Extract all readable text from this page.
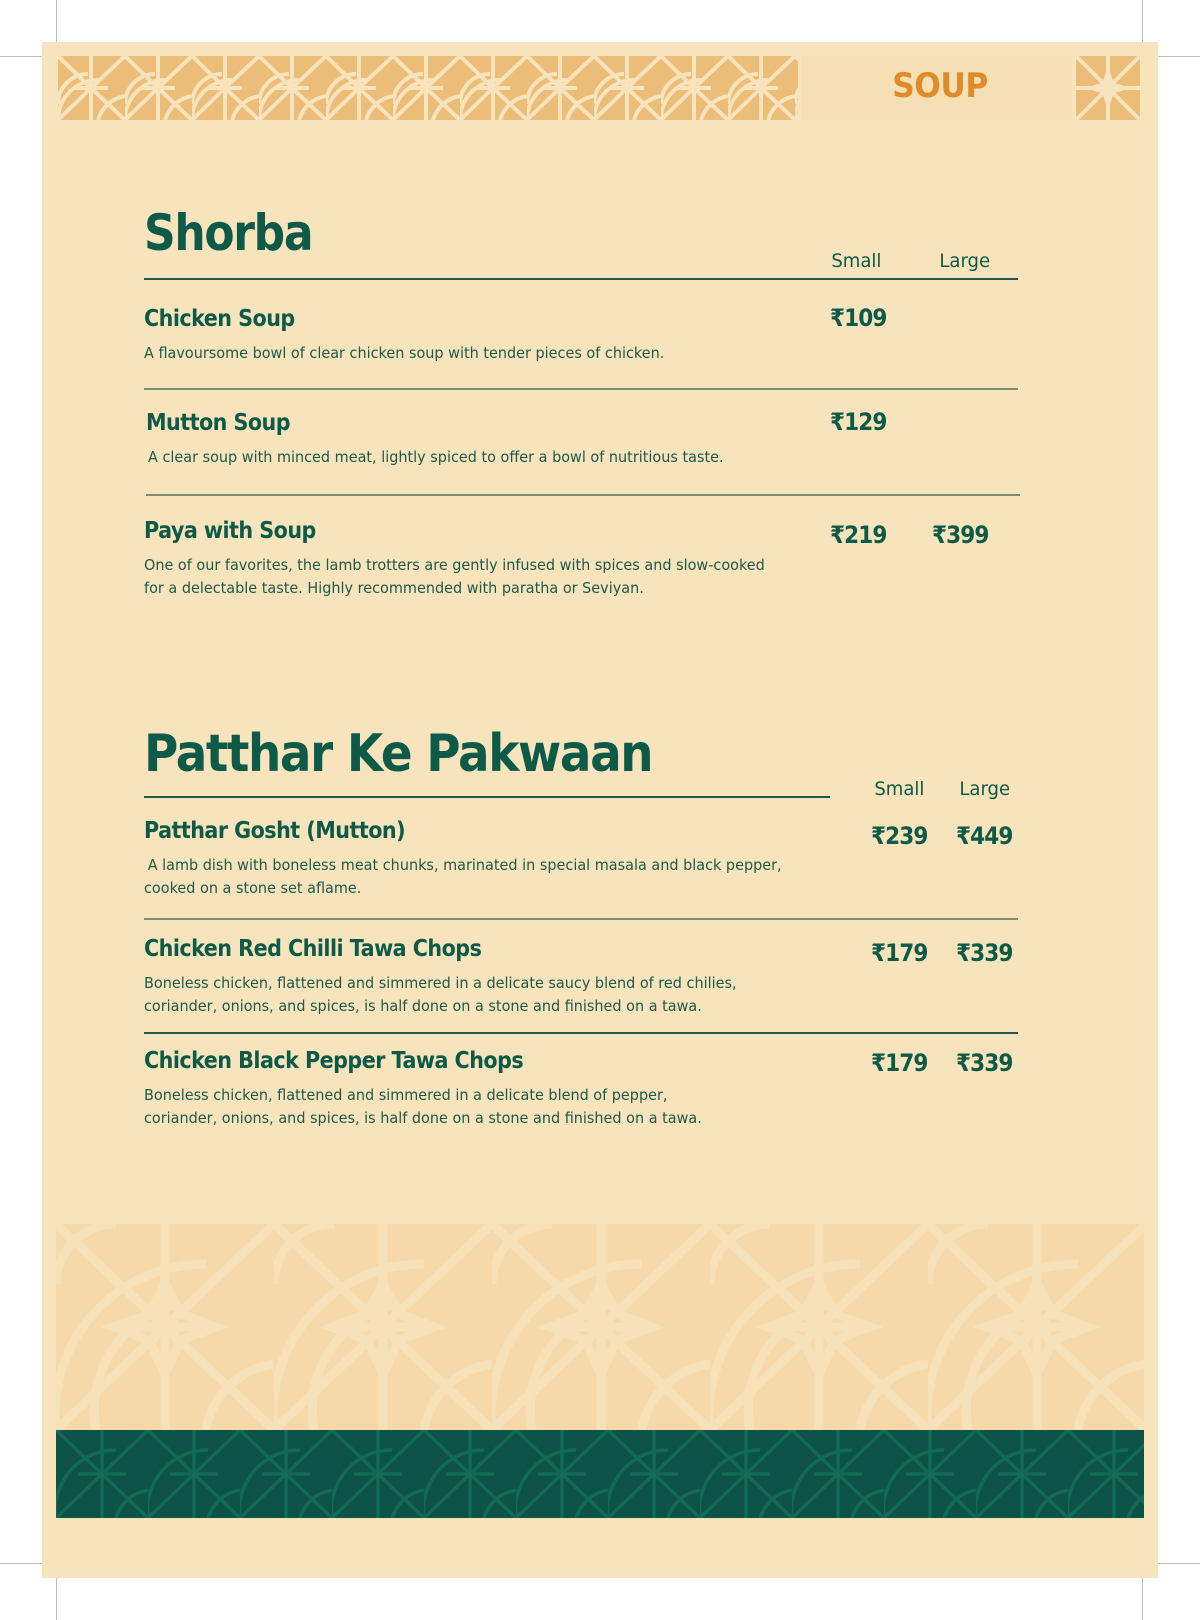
SOUP
Shorba	Small	Large
Chicken Soup
A flavoursome bowl of clear chicken soup with tender pieces of chicken.
₹109
Mutton Soup
A clear soup with minced meat, lightly spiced to offer a bowl of nutritious taste.
₹129
Paya with Soup
One of our favorites, the lamb trotters are gently infused with spices and slow-cooked
for a delectable taste. Highly recommended with paratha or Seviyan.
₹219 ₹399
Patthar Ke Pakwaan
Small Large
Patthar Gosht (Mutton)
A lamb dish with boneless meat chunks, marinated in special masala and black pepper,
cooked on a stone set aflame.
₹239 ₹449
Chicken Red Chilli Tawa Chops
Boneless chicken, flattened and simmered in a delicate saucy blend of red chilies,
coriander, onions, and spices, is half done on a stone and finished on a tawa.
₹179 ₹339
Chicken Black Pepper Tawa Chops
Boneless chicken, flattened and simmered in a delicate blend of pepper,
coriander, onions, and spices, is half done on a stone and finished on a tawa.
₹179 ₹339
